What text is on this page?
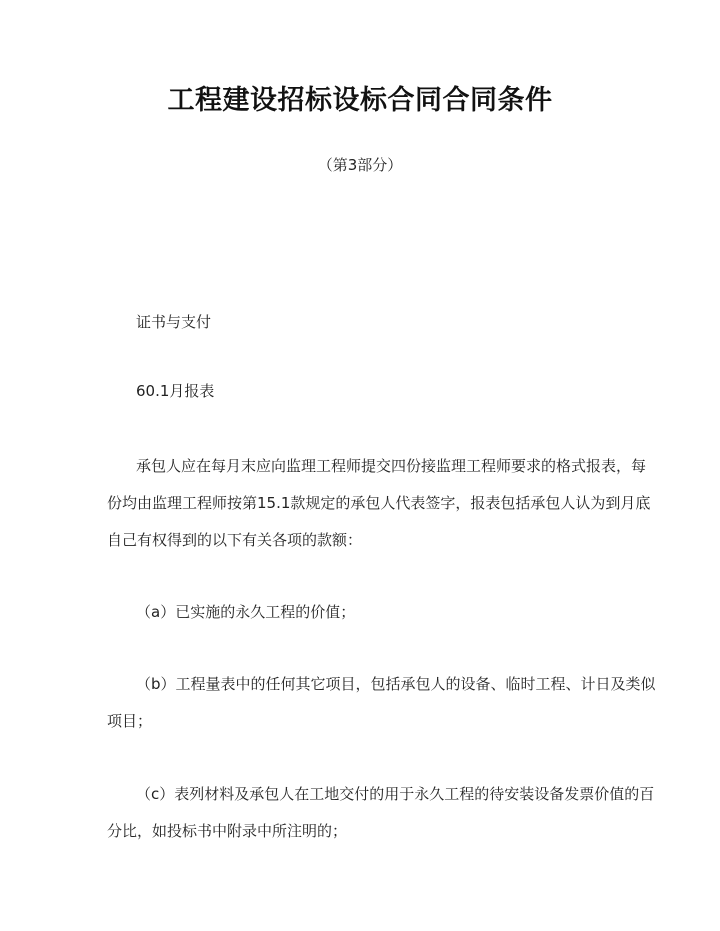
工程建设招标设标合同合同条件

（第3部分）

证书与支付
60.1月报表
承包人应在每月末应向监理工程师提交四份接监理工程师要求的格式报表，每
份均由监理工程师按第15.1款规定的承包人代表签字，报表包括承包人认为到月底
自己有权得到的以下有关各项的款额：
（a）已实施的永久工程的价值；
（b）工程量表中的任何其它项目，包括承包人的设备、临时工程、计日及类似
项目；
（c）表列材料及承包人在工地交付的用于永久工程的待安装设备发票价值的百
分比，如投标书中附录中所注明的；
